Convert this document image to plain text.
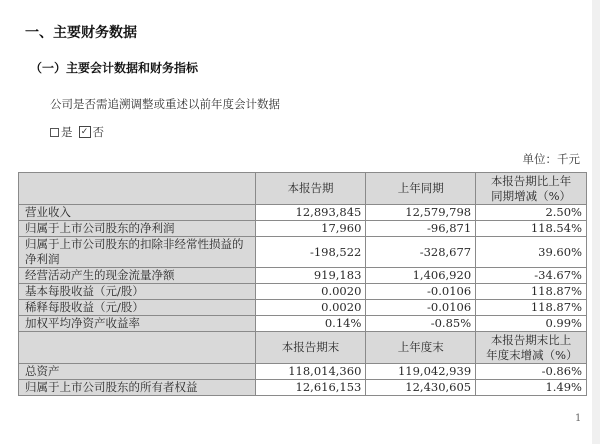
一、主要财务数据
（一）主要会计数据和财务指标
公司是否需追溯调整或重述以前年度会计数据
是 ✓ 否
单位：千元
	本报告期	上年同期	本报告期比上年同期增减（%）
营业收入	12,893,845	12,579,798	2.50%
归属于上市公司股东的净利润	17,960	-96,871	118.54%
归属于上市公司股东的扣除非经常性损益的净利润	-198,522	-328,677	39.60%
经营活动产生的现金流量净额	919,183	1,406,920	-34.67%
基本每股收益（元/股）	0.0020	-0.0106	118.87%
稀释每股收益（元/股）	0.0020	-0.0106	118.87%
加权平均净资产收益率	0.14%	-0.85%	0.99%
	本报告期末	上年度末	本报告期末比上年度末增减（%）
总资产	118,014,360	119,042,939	-0.86%
归属于上市公司股东的所有者权益	12,616,153	12,430,605	1.49%
1
